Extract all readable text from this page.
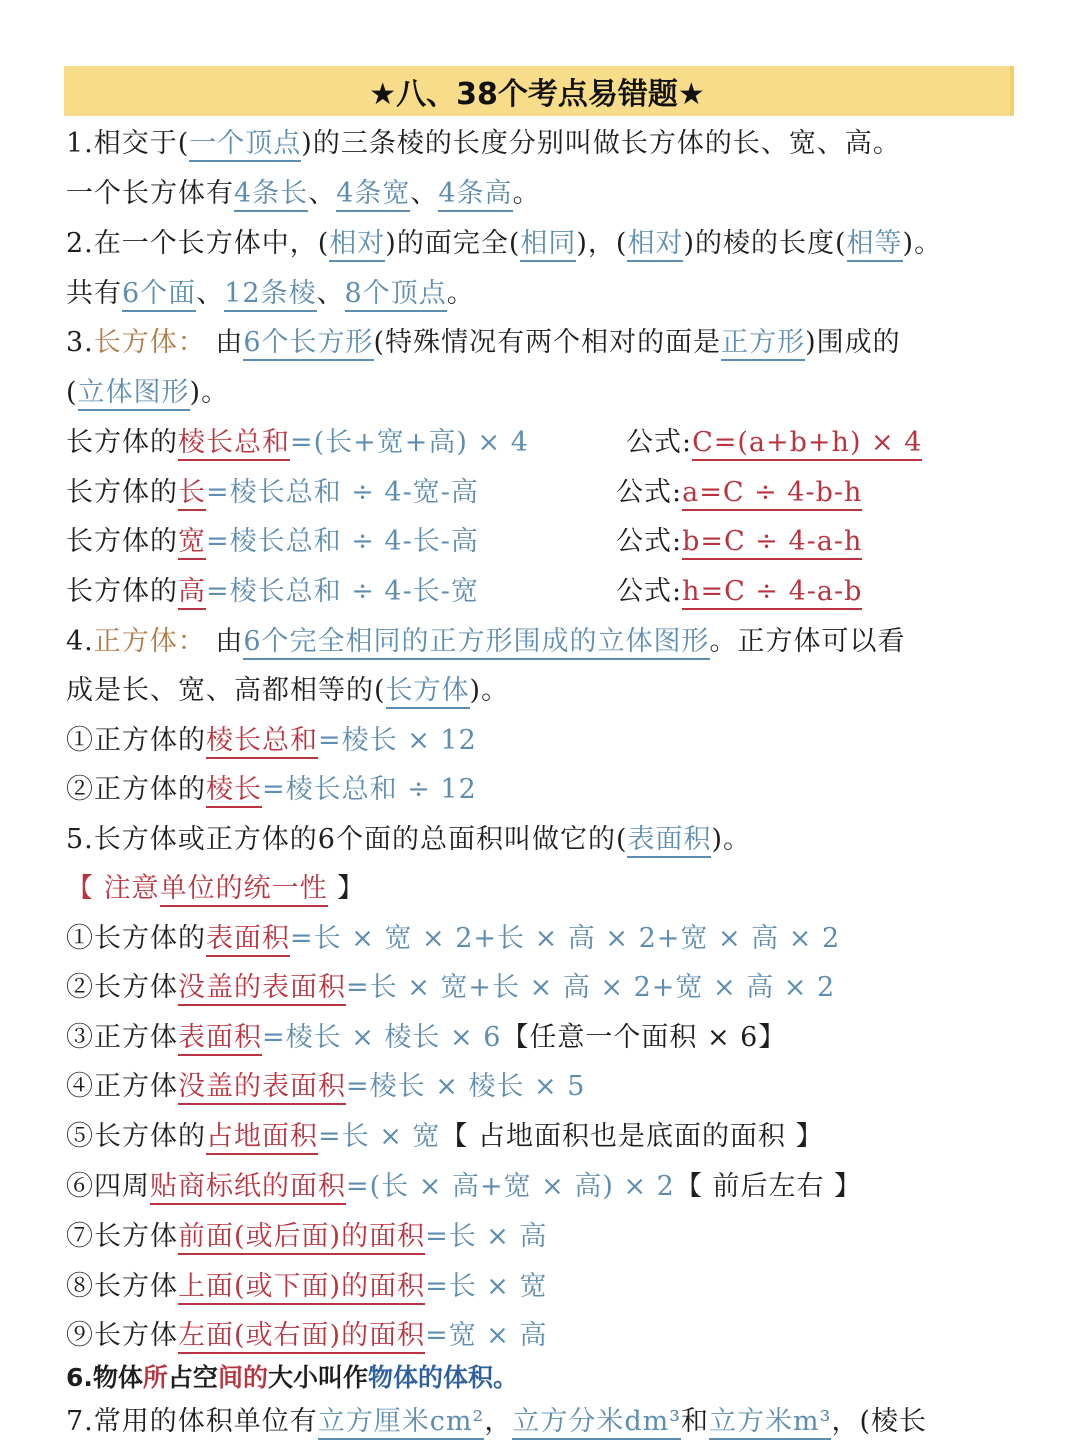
★八、38个考点易错题★
1.相交于(一个顶点)的三条棱的长度分别叫做长方体的长、宽、高。
一个长方体有4条长、4条宽、4条高。
2.在一个长方体中，(相对)的面完全(相同)，(相对)的棱的长度(相等)。
共有6个面、12条棱、8个顶点。
3.长方体： 由6个长方形(特殊情况有两个相对的面是正方形)围成的
(立体图形)。
长方体的棱长总和=(长+宽+高) × 4	公式:C=(a+b+h) × 4
长方体的长=棱长总和 ÷ 4-宽-高	公式:a=C ÷ 4-b-h
长方体的宽=棱长总和 ÷ 4-长-高	公式:b=C ÷ 4-a-h
长方体的高=棱长总和 ÷ 4-长-宽	公式:h=C ÷ 4-a-b
4.正方体： 由6个完全相同的正方形围成的立体图形。正方体可以看
成是长、宽、高都相等的(长方体)。
①正方体的棱长总和=棱长 × 12
②正方体的棱长=棱长总和 ÷ 12
5.长方体或正方体的6个面的总面积叫做它的(表面积)。
【 注意单位的统一性 】
①长方体的表面积=长 × 宽 × 2+长 × 高 × 2+宽 × 高 × 2
②长方体没盖的表面积=长 × 宽+长 × 高 × 2+宽 × 高 × 2
③正方体表面积=棱长 × 棱长 × 6【任意一个面积 × 6】
④正方体没盖的表面积=棱长 × 棱长 × 5
⑤长方体的占地面积=长 × 宽【 占地面积也是底面的面积 】
⑥四周贴商标纸的面积=(长 × 高+宽 × 高) × 2【 前后左右 】
⑦长方体前面(或后面)的面积=长 × 高
⑧长方体上面(或下面)的面积=长 × 宽
⑨长方体左面(或右面)的面积=宽 × 高
6.物体所占空间的大小叫作物体的体积。
7.常用的体积单位有立方厘米cm²，立方分米dm³和立方米m³，(棱长
